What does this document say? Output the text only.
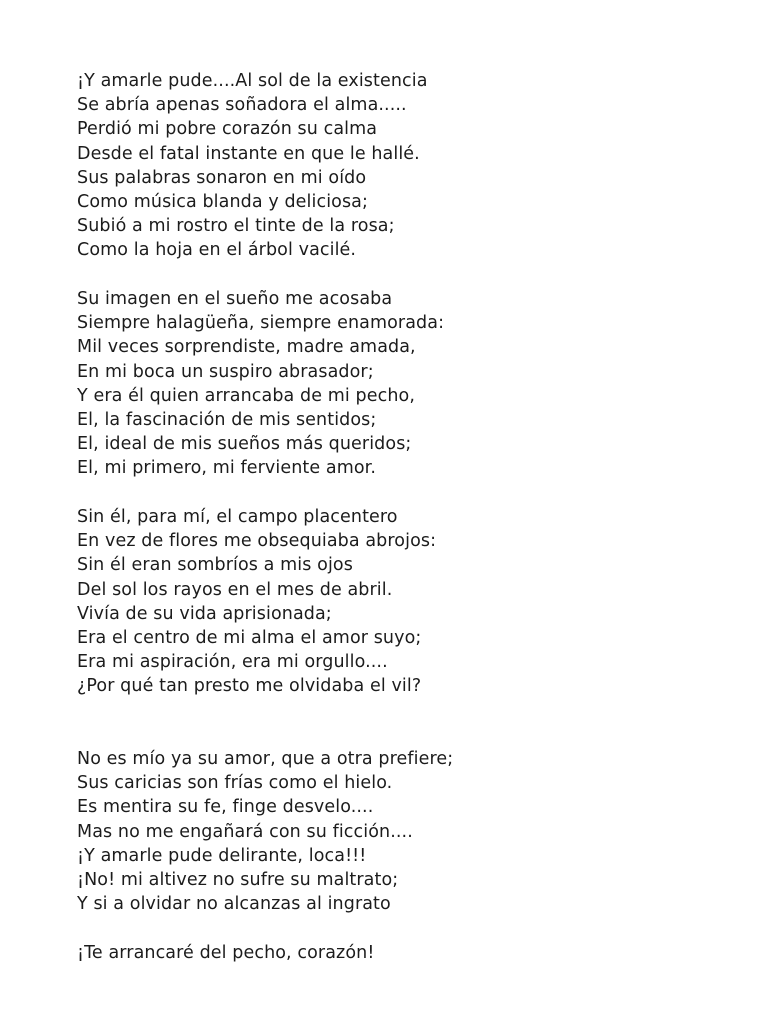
¡Y amarle pude....Al sol de la existencia
Se abría apenas soñadora el alma.....
Perdió mi pobre corazón su calma
Desde el fatal instante en que le hallé.
Sus palabras sonaron en mi oído
Como música blanda y deliciosa;
Subió a mi rostro el tinte de la rosa;
Como la hoja en el árbol vacilé.
Su imagen en el sueño me acosaba
Siempre halagüeña, siempre enamorada:
Mil veces sorprendiste, madre amada,
En mi boca un suspiro abrasador;
Y era él quien arrancaba de mi pecho,
El, la fascinación de mis sentidos;
El, ideal de mis sueños más queridos;
El, mi primero, mi ferviente amor.
Sin él, para mí, el campo placentero
En vez de flores me obsequiaba abrojos:
Sin él eran sombríos a mis ojos
Del sol los rayos en el mes de abril.
Vivía de su vida aprisionada;
Era el centro de mi alma el amor suyo;
Era mi aspiración, era mi orgullo....
¿Por qué tan presto me olvidaba el vil?
No es mío ya su amor, que a otra prefiere;
Sus caricias son frías como el hielo.
Es mentira su fe, finge desvelo....
Mas no me engañará con su ficción....
¡Y amarle pude delirante, loca!!!
¡No! mi altivez no sufre su maltrato;
Y si a olvidar no alcanzas al ingrato
¡Te arrancaré del pecho, corazón!
